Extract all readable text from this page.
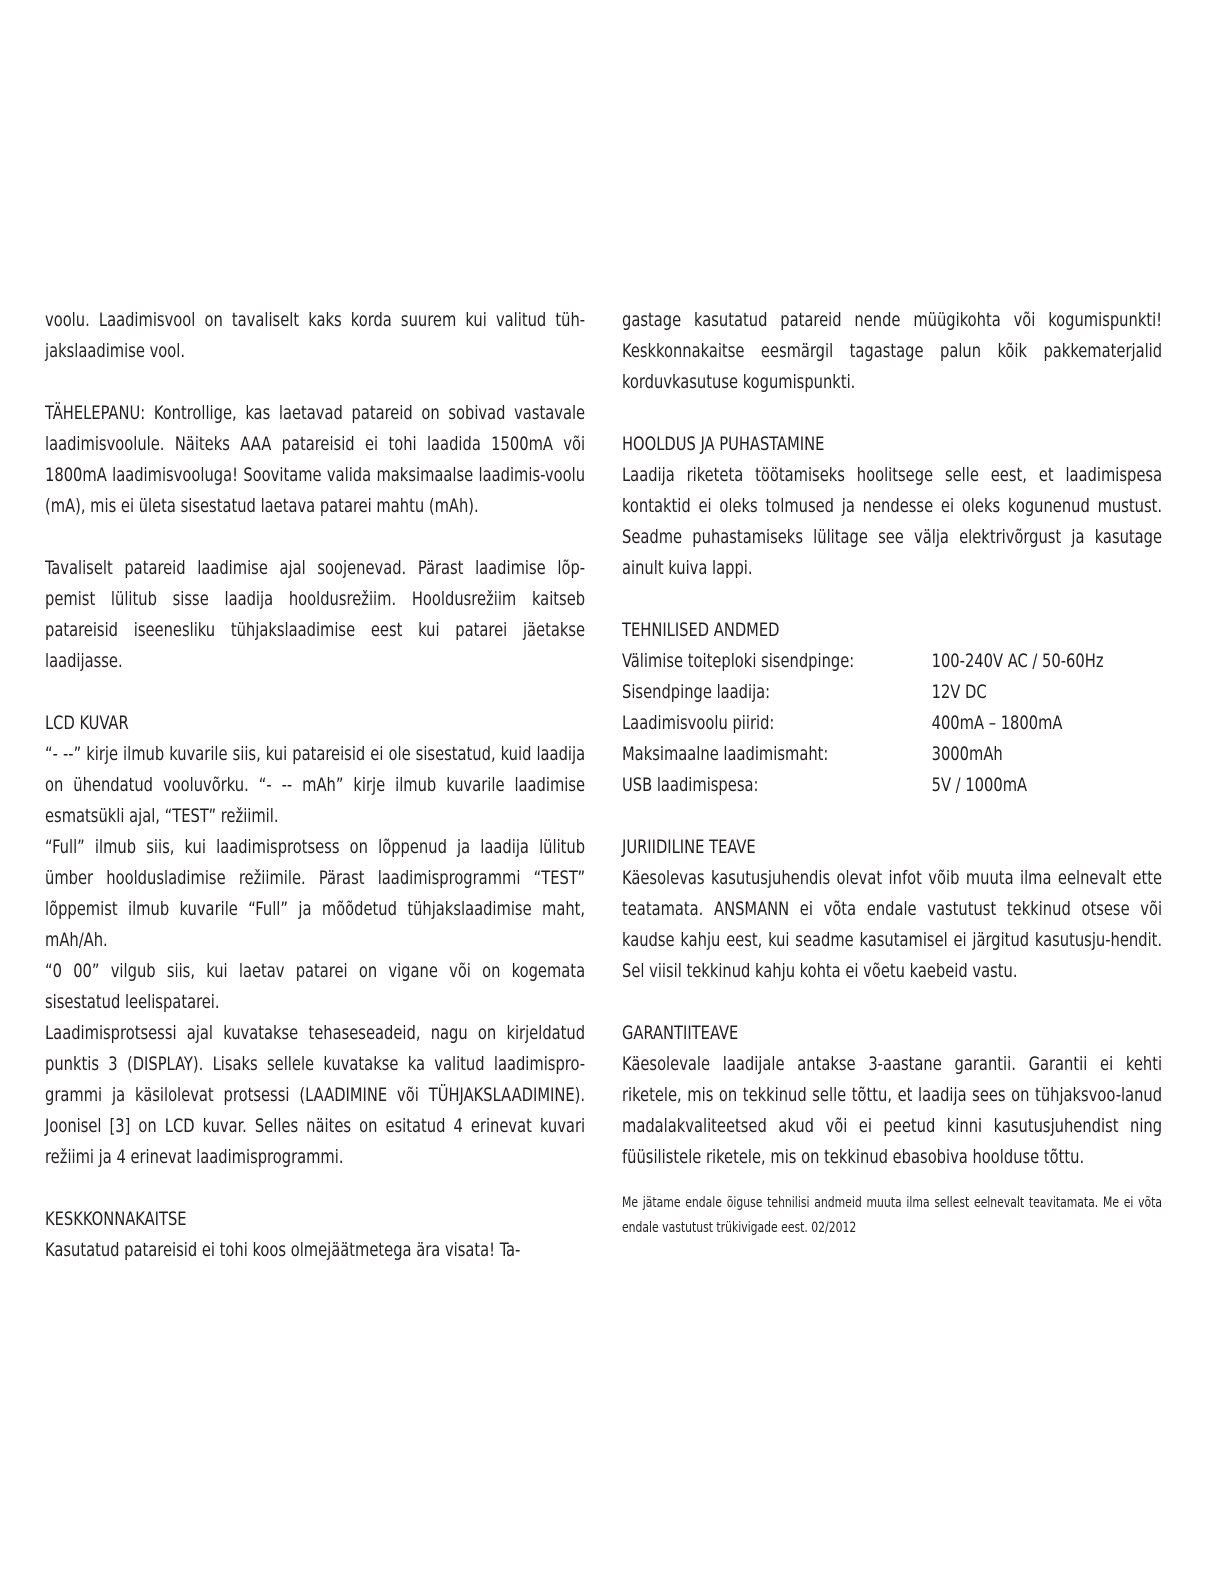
voolu. Laadimisvool on tavaliselt kaks korda suurem kui valitud tüh-jakslaadimise vool.

TÄHELEPANU: Kontrollige, kas laetavad patareid on sobivad vastavale laadimisvoolule. Näiteks AAA patareisid ei tohi laadida 1500mA või 1800mA laadimisvooluga! Soovitame valida maksimaalse laadimis-voolu (mA), mis ei ületa sisestatud laetava patarei mahtu (mAh).

Tavaliselt patareid laadimise ajal soojenevad. Pärast laadimise lõp-pemist lülitub sisse laadija hooldusrežiim. Hooldusrežiim kaitseb patareisid iseenesliku tühjakslaadimise eest kui patarei jäetakse laadijasse.

LCD KUVAR

“- --” kirje ilmub kuvarile siis, kui patareisid ei ole sisestatud, kuid laadija on ühendatud vooluvõrku. “- -- mAh” kirje ilmub kuvarile laadimise esmatsükli ajal, “TEST” režiimil.

“Full” ilmub siis, kui laadimisprotsess on lõppenud ja laadija lülitub ümber hooldusladimise režiimile. Pärast laadimisprogrammi “TEST” lõppemist ilmub kuvarile “Full” ja mõõdetud tühjakslaadimise maht, mAh/Ah.

“0 00” vilgub siis, kui laetav patarei on vigane või on kogemata sisestatud leelispatarei.

Laadimisprotsessi ajal kuvatakse tehaseseadeid, nagu on kirjeldatud punktis 3 (DISPLAY). Lisaks sellele kuvatakse ka valitud laadimispro-grammi ja käsilolevat protsessi (LAADIMINE või TÜHJAKSLAADIMINE). Joonisel [3] on LCD kuvar. Selles näites on esitatud 4 erinevat kuvari režiimi ja 4 erinevat laadimisprogrammi.

KESKKONNAKAITSE

Kasutatud patareisid ei tohi koos olmejäätmetega ära visata! Ta-

gastage kasutatud patareid nende müügikohta või kogumispunkti! Keskkonnakaitse eesmärgil tagastage palun kõik pakkematerjalid korduvkasutuse kogumispunkti.

HOOLDUS JA PUHASTAMINE

Laadija riketeta töötamiseks hoolitsege selle eest, et laadimispesa kontaktid ei oleks tolmused ja nendesse ei oleks kogunenud mustust. Seadme puhastamiseks lülitage see välja elektrivõrgust ja kasutage ainult kuiva lappi.

TEHNILISED ANDMED

Välimise toiteploki sisendpinge:	100-240V AC / 50-60Hz
Sisendpinge laadija:	12V DC
Laadimisvoolu piirid:	400mA – 1800mA
Maksimaalne laadimismaht:	3000mAh
USB laadimispesa:	5V / 1000mA

JURIIDILINE TEAVE

Käesolevas kasutusjuhendis olevat infot võib muuta ilma eelnevalt ette teatamata. ANSMANN ei võta endale vastutust tekkinud otsese või kaudse kahju eest, kui seadme kasutamisel ei järgitud kasutusju-hendit. Sel viisil tekkinud kahju kohta ei võetu kaebeid vastu.

GARANTIITEAVE

Käesolevale laadijale antakse 3-aastane garantii. Garantii ei kehti riketele, mis on tekkinud selle tõttu, et laadija sees on tühjaksvoo-lanud madalakvaliteetsed akud või ei peetud kinni kasutusjuhendist ning füüsilistele riketele, mis on tekkinud ebasobiva hoolduse tõttu.

Me jätame endale õiguse tehnilisi andmeid muuta ilma sellest eelnevalt teavitamata. Me ei võta endale vastutust trükivigade eest. 02/2012
